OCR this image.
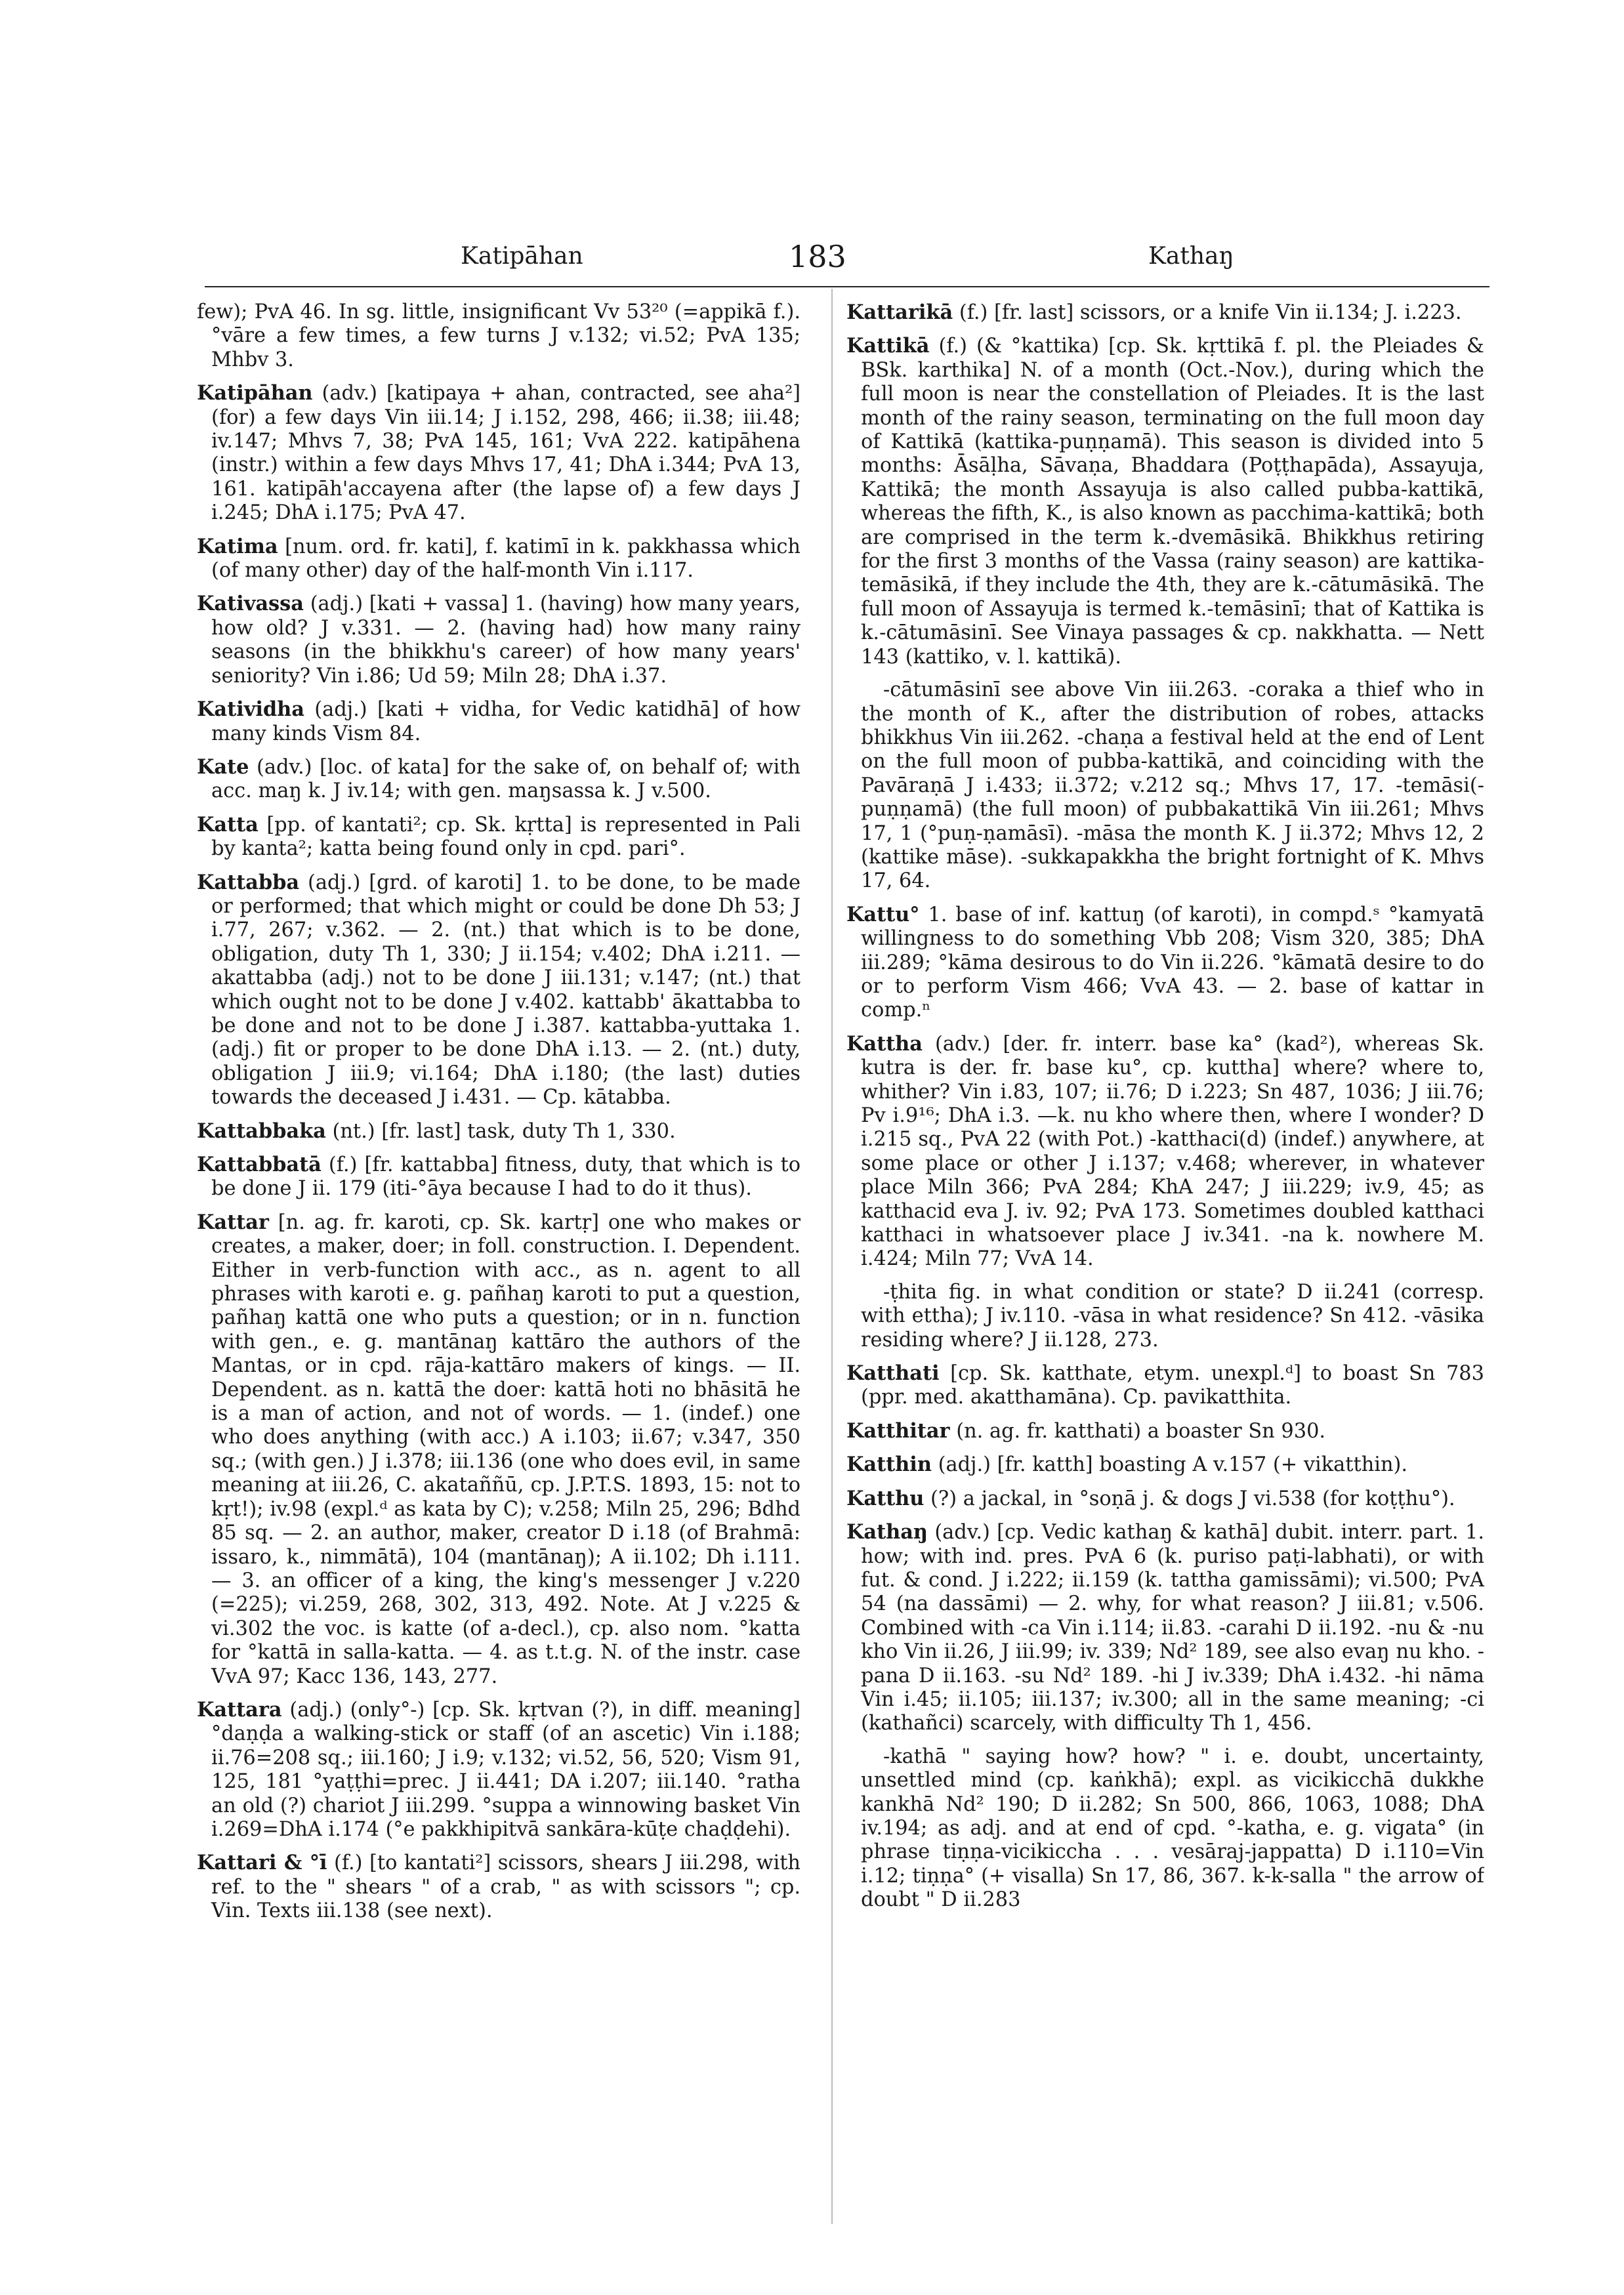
Katipāhan	183	Kathaŋ

few); PvA 46. In sg. little, insignificant Vv 53²⁰ (=appikā f.). °vāre a few times, a few turns J v.132; vi.52; PvA 135; Mhbv 3.

Katipāhan (adv.) [katipaya + ahan, contracted, see aha²] (for) a few days Vin iii.14; J i.152, 298, 466; ii.38; iii.48; iv.147; Mhvs 7, 38; PvA 145, 161; VvA 222. katipāhena (instr.) within a few days Mhvs 17, 41; DhA i.344; PvA 13, 161. katipāh'accayena after (the lapse of) a few days J i.245; DhA i.175; PvA 47.

Katima [num. ord. fr. kati], f. katimī in k. pakkhassa which (of many other) day of the half-month Vin i.117.

Kativassa (adj.) [kati + vassa] 1. (having) how many years, how old? J v.331. — 2. (having had) how many rainy seasons (in the bhikkhu's career) of how many years' seniority? Vin i.86; Ud 59; Miln 28; DhA i.37.

Katividha (adj.) [kati + vidha, for Vedic katidhā] of how many kinds Vism 84.

Kate (adv.) [loc. of kata] for the sake of, on behalf of; with acc. maŋ k. J iv.14; with gen. maŋsassa k. J v.500.

Katta [pp. of kantati²; cp. Sk. kṛtta] is represented in Pali by kanta²; katta being found only in cpd. pari°.

Kattabba (adj.) [grd. of karoti] 1. to be done, to be made or performed; that which might or could be done Dh 53; J i.77, 267; v.362. — 2. (nt.) that which is to be done, obligation, duty Th 1, 330; J ii.154; v.402; DhA i.211. —akattabba (adj.) not to be done J iii.131; v.147; (nt.) that which ought not to be done J v.402. kattabb' ākattabba to be done and not to be done J i.387. kattabba-yuttaka 1. (adj.) fit or proper to be done DhA i.13. — 2. (nt.) duty, obligation J iii.9; vi.164; DhA i.180; (the last) duties towards the deceased J i.431. — Cp. kātabba.

Kattabbaka (nt.) [fr. last] task, duty Th 1, 330.

Kattabbatā (f.) [fr. kattabba] fitness, duty, that which is to be done J ii. 179 (iti-°āya because I had to do it thus).

Kattar [n. ag. fr. karoti, cp. Sk. kartṛ] one who makes or creates, a maker, doer; in foll. construction. I. Dependent. Either in verb-function with acc., as n. agent to all phrases with karoti e. g. pañhaŋ karoti to put a question, pañhaŋ kattā one who puts a question; or in n. function with gen., e. g. mantānaŋ kattāro the authors of the Mantas, or in cpd. rāja-kattāro makers of kings. — II. Dependent. as n. kattā the doer: kattā hoti no bhāsitā he is a man of action, and not of words. — 1. (indef.) one who does anything (with acc.) A i.103; ii.67; v.347, 350 sq.; (with gen.) J i.378; iii.136 (one who does evil, in same meaning at iii.26, C. akataññū, cp. J.P.T.S. 1893, 15: not to kṛt!); iv.98 (expl.ᵈ as kata by C); v.258; Miln 25, 296; Bdhd 85 sq. — 2. an author, maker, creator D i.18 (of Brahmā: issaro, k., nimmātā), 104 (mantānaŋ); A ii.102; Dh i.111. — 3. an officer of a king, the king's messenger J v.220 (=225); vi.259, 268, 302, 313, 492. Note. At J v.225 & vi.302 the voc. is katte (of a-decl.), cp. also nom. °katta for °kattā in salla-katta. — 4. as t.t.g. N. of the instr. case VvA 97; Kacc 136, 143, 277.

Kattara (adj.) (only°-) [cp. Sk. kṛtvan (?), in diff. meaning] °daṇḍa a walking-stick or staff (of an ascetic) Vin i.188; ii.76=208 sq.; iii.160; J i.9; v.132; vi.52, 56, 520; Vism 91, 125, 181 °yaṭṭhi=prec. J ii.441; DA i.207; iii.140. °ratha an old (?) chariot J iii.299. °suppa a winnowing basket Vin i.269=DhA i.174 (°e pakkhipitvā sankāra-kūṭe chaḍḍehi).

Kattari & °ī (f.) [to kantati²] scissors, shears J iii.298, with ref. to the " shears " of a crab, " as with scissors "; cp. Vin. Texts iii.138 (see next).

Kattarikā (f.) [fr. last] scissors, or a knife Vin ii.134; J. i.223.

Kattikā (f.) (& °kattika) [cp. Sk. kṛttikā f. pl. the Pleiades & BSk. karthika] N. of a month (Oct.-Nov.), during which the full moon is near the constellation of Pleiades. It is the last month of the rainy season, terminating on the full moon day of Kattikā (kattika-puṇṇamā). This season is divided into 5 months: Āsāḷha, Sāvaṇa, Bhaddara (Poṭṭhapāda), Assayuja, Kattikā; the month Assayuja is also called pubba-kattikā, whereas the fifth, K., is also known as pacchima-kattikā; both are comprised in the term k.-dvemāsikā. Bhikkhus retiring for the first 3 months of the Vassa (rainy season) are kattika-temāsikā, if they include the 4th, they are k.-cātumāsikā. The full moon of Assayuja is termed k.-temāsinī; that of Kattika is k.-cātumāsinī. See Vinaya passages & cp. nakkhatta. — Nett 143 (kattiko, v. l. kattikā).

-cātumāsinī see above Vin iii.263. -coraka a thief who in the month of K., after the distribution of robes, attacks bhikkhus Vin iii.262. -chaṇa a festival held at the end of Lent on the full moon of pubba-kattikā, and coinciding with the Pavāraṇā J i.433; ii.372; v.212 sq.; Mhvs 17, 17. -temāsi(-puṇṇamā) (the full moon) of pubbakattikā Vin iii.261; Mhvs 17, 1 (°puṇ-ṇamāsī). -māsa the month K. J ii.372; Mhvs 12, 2 (kattike māse). -sukkapakkha the bright fortnight of K. Mhvs 17, 64.

Kattu° 1. base of inf. kattuŋ (of karoti), in compd.ˢ °kamyatā willingness to do something Vbb 208; Vism 320, 385; DhA iii.289; °kāma desirous to do Vin ii.226. °kāmatā desire to do or to perform Vism 466; VvA 43. — 2. base of kattar in comp.ⁿ

Kattha (adv.) [der. fr. interr. base ka° (kad²), whereas Sk. kutra is der. fr. base ku°, cp. kuttha] where? where to, whither? Vin i.83, 107; ii.76; D i.223; Sn 487, 1036; J iii.76; Pv i.9¹⁶; DhA i.3. —k. nu kho where then, where I wonder? D i.215 sq., PvA 22 (with Pot.) -katthaci(d) (indef.) anywhere, at some place or other J i.137; v.468; wherever, in whatever place Miln 366; PvA 284; KhA 247; J iii.229; iv.9, 45; as katthacid eva J. iv. 92; PvA 173. Sometimes doubled katthaci katthaci in whatsoever place J iv.341. -na k. nowhere M. i.424; Miln 77; VvA 14.

-ṭhita fig. in what condition or state? D ii.241 (corresp. with ettha); J iv.110. -vāsa in what residence? Sn 412. -vāsika residing where? J ii.128, 273.

Katthati [cp. Sk. katthate, etym. unexpl.ᵈ] to boast Sn 783 (ppr. med. akatthamāna). Cp. pavikatthita.

Katthitar (n. ag. fr. katthati) a boaster Sn 930.

Katthin (adj.) [fr. katth] boasting A v.157 (+ vikatthin).

Katthu (?) a jackal, in °soṇā j. & dogs J vi.538 (for koṭṭhu°).

Kathaŋ (adv.) [cp. Vedic kathaŋ & kathā] dubit. interr. part. 1. how; with ind. pres. PvA 6 (k. puriso paṭi-labhati), or with fut. & cond. J i.222; ii.159 (k. tattha gamissāmi); vi.500; PvA 54 (na dassāmi) — 2. why, for what reason? J iii.81; v.506. Combined with -ca Vin i.114; ii.83. -carahi D ii.192. -nu & -nu kho Vin ii.26, J iii.99; iv. 339; Nd² 189, see also evaŋ nu kho. -pana D ii.163. -su Nd² 189. -hi J iv.339; DhA i.432. -hi nāma Vin i.45; ii.105; iii.137; iv.300; all in the same meaning; -ci (kathañci) scarcely, with difficulty Th 1, 456.

-kathā " saying how? how? " i. e. doubt, uncertainty, unsettled mind (cp. kaṅkhā); expl. as vicikicchā dukkhe kankhā Nd² 190; D ii.282; Sn 500, 866, 1063, 1088; DhA iv.194; as adj. and at end of cpd. °-katha, e. g. vigata° (in phrase tiṇṇa-vicikiccha . . . vesāraj-jappatta) D i.110=Vin i.12; tiṇṇa° (+ visalla) Sn 17, 86, 367. k-k-salla " the arrow of doubt " D ii.283
